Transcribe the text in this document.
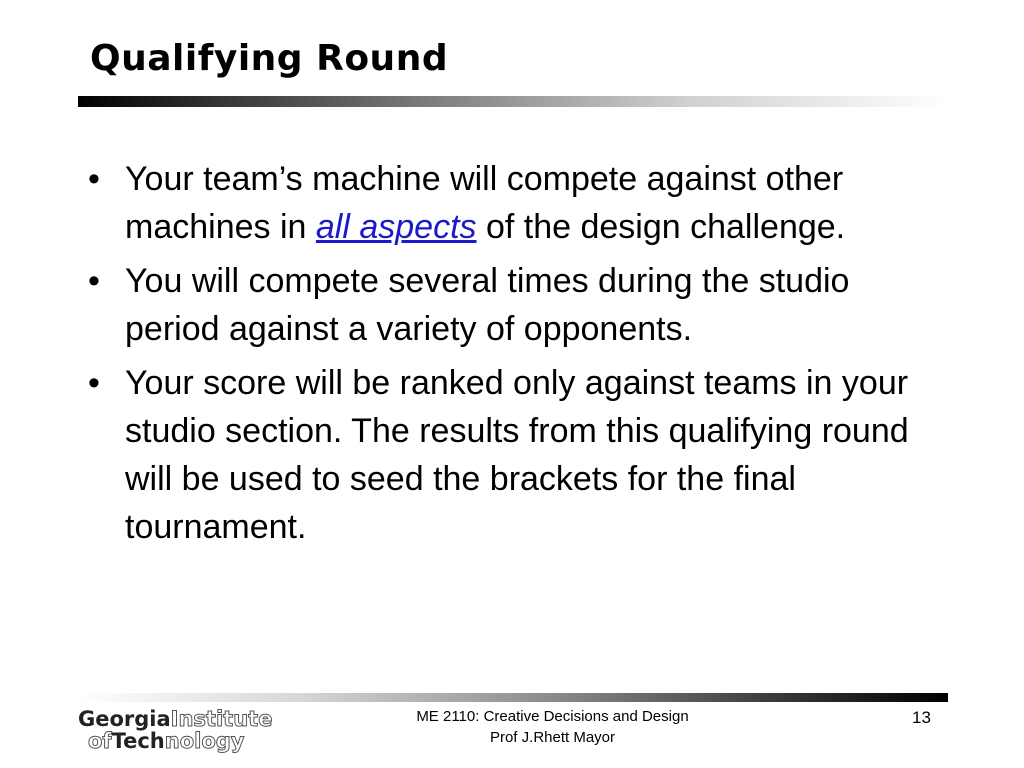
Qualifying Round
• Your team’s machine will compete against other machines in all aspects of the design challenge.
• You will compete several times during the studio period against a variety of opponents.
• Your score will be ranked only against teams in your studio section. The results from this qualifying round will be used to seed the brackets for the final tournament.
GeorgiaInstitute
ofTechnology
ME 2110: Creative Decisions and Design
Prof J.Rhett Mayor
13
